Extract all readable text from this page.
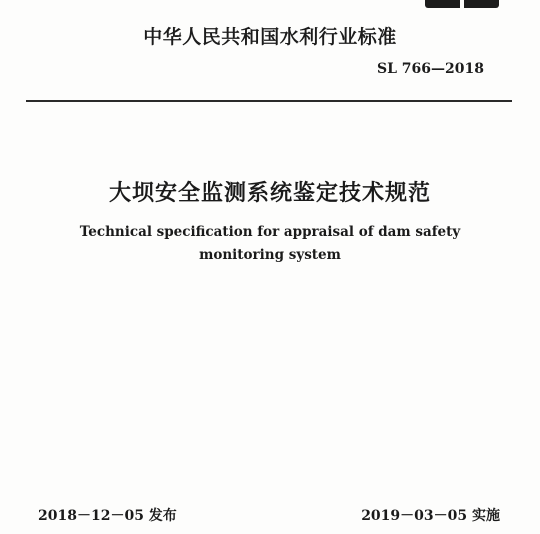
中华人民共和国水利行业标准
SL 766—2018
大坝安全监测系统鉴定技术规范
Technical specification for appraisal of dam safety monitoring system
2018－12－05 发布	2019－03－05 实施
